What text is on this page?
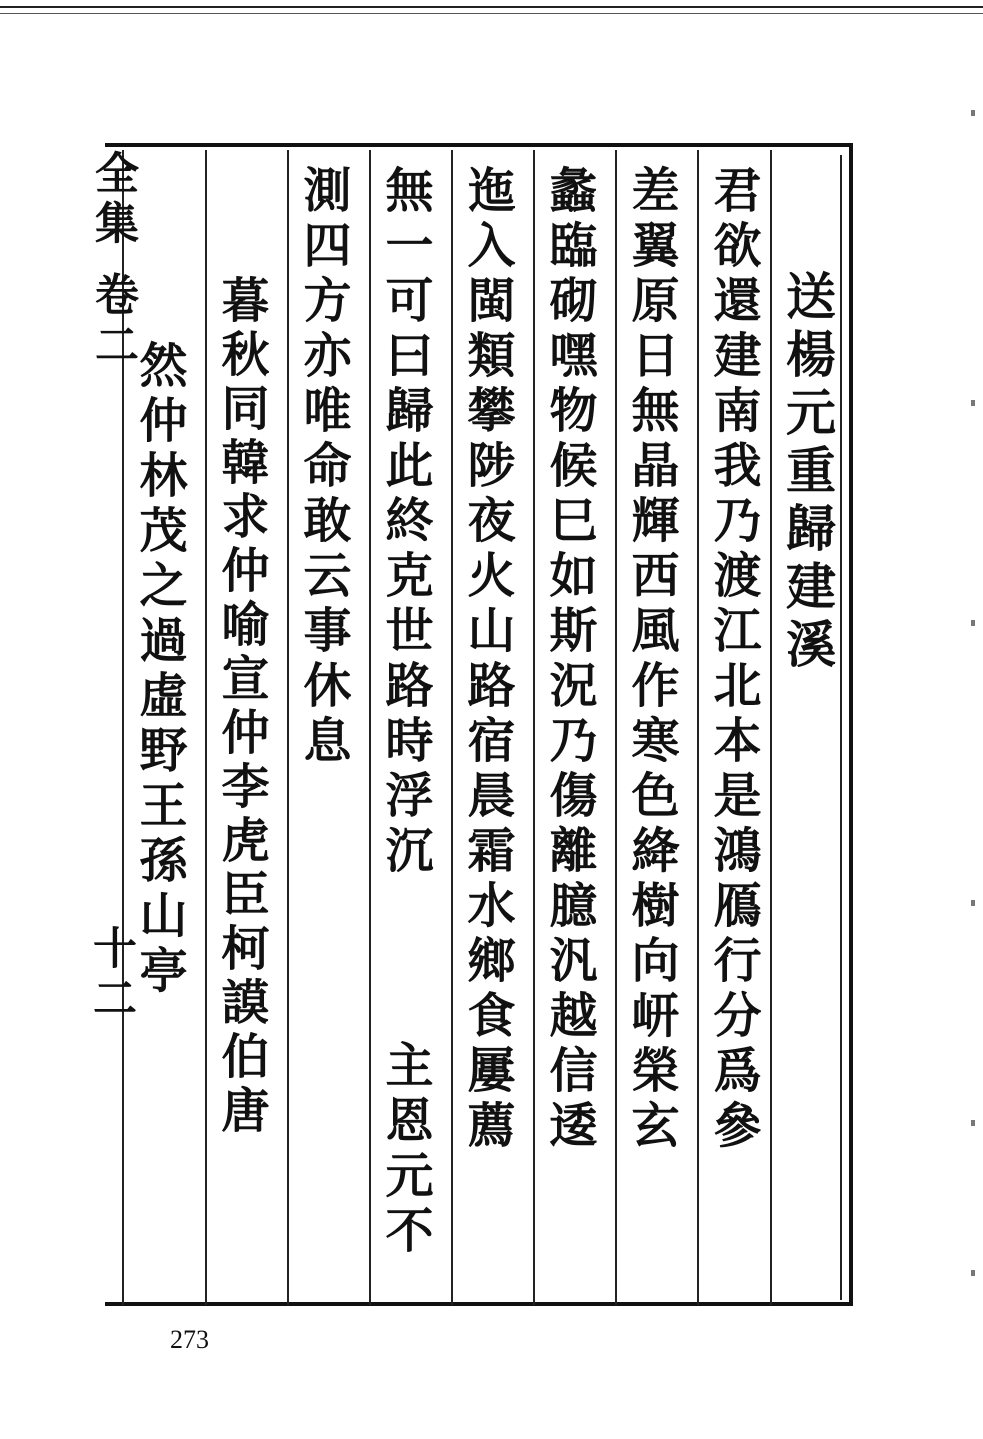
全集 卷二
十二
送楊元重歸建溪
君欲還建南我乃渡江北本是鴻鴈行分爲參
差翼原日無晶輝西風作寒色絳樹向岍榮玄
蠡臨砌嘿物候巳如斯況乃傷離臆汎越信逶
迤入閩類攀陟夜火山路宿晨霜水鄉食屢薦
無一可曰歸此終克世路時浮沉
主恩元不
測四方亦唯命敢云事休息
暮秋同韓求仲喻宣仲李虎臣柯謨伯唐
然仲林茂之過虛野王孫山亭
273
